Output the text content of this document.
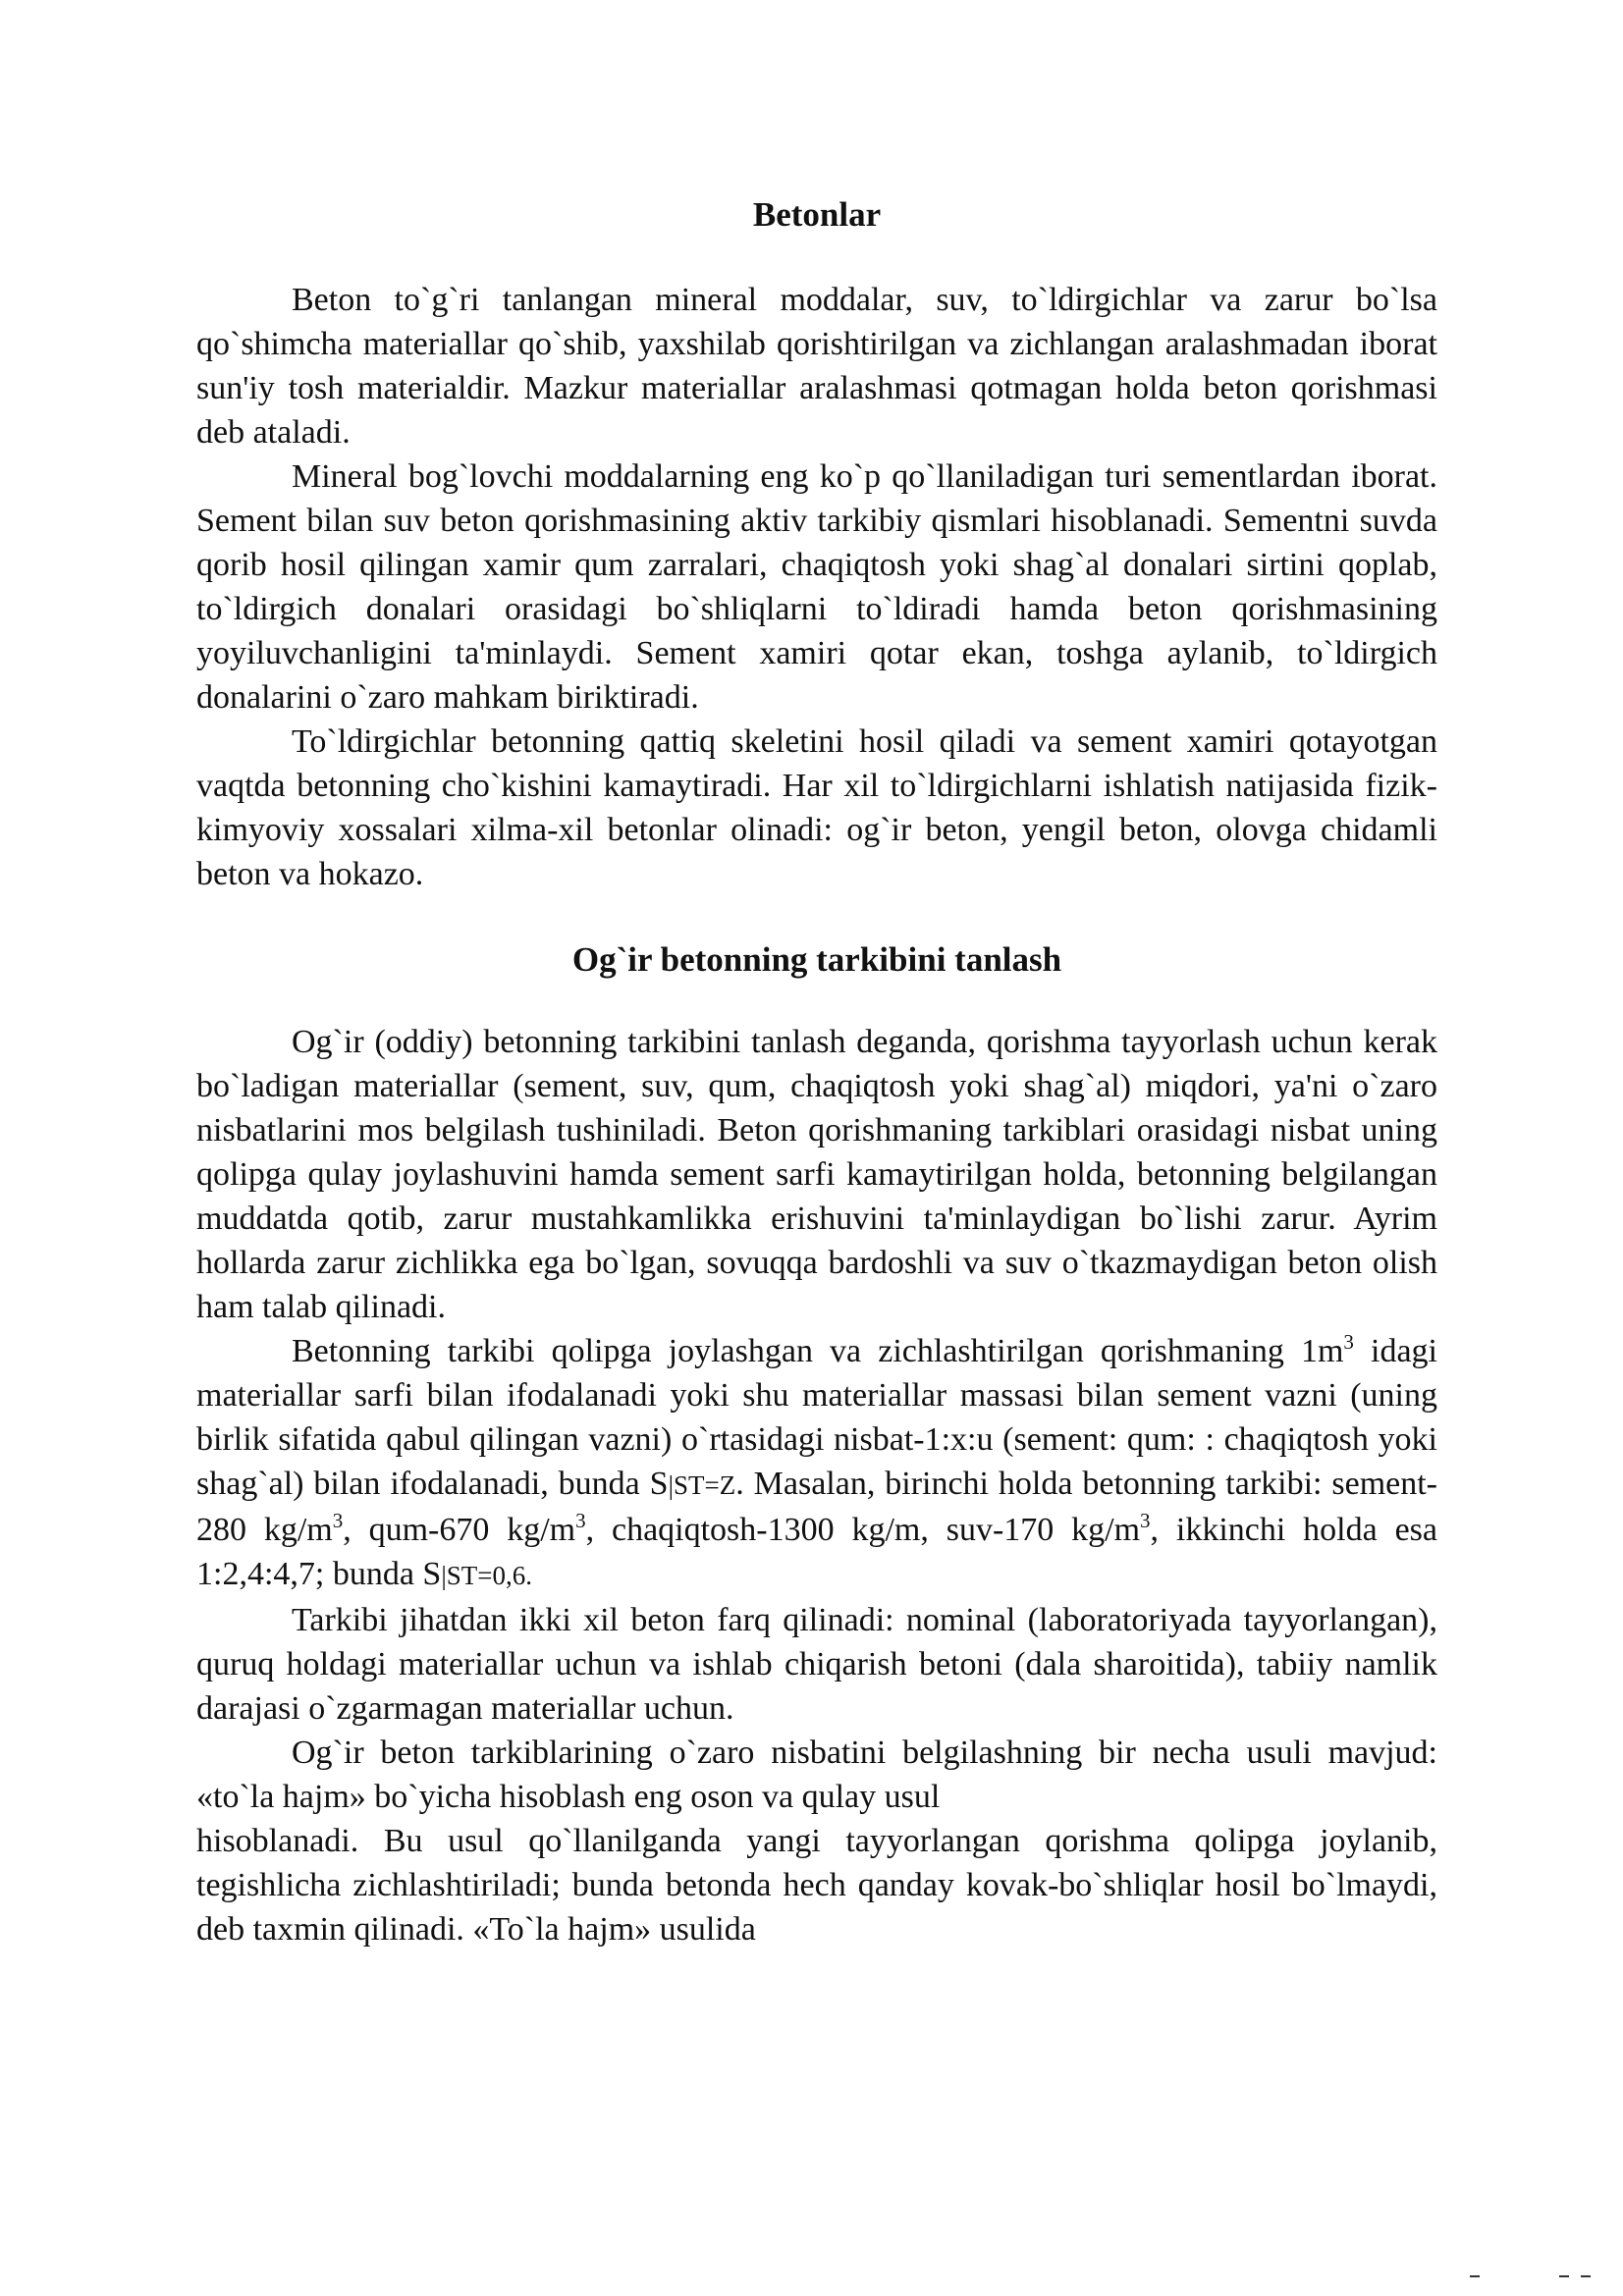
Betonlar

Beton to`g`ri tanlangan mineral moddalar, suv, to`ldirgichlar va zarur bo`lsa qo`shimcha materiallar qo`shib, yaxshilab qorishtirilgan va zichlangan aralashmadan iborat sun'iy tosh materialdir. Mazkur materiallar aralashmasi qotmagan holda beton qorishmasi deb ataladi.

Mineral bog`lovchi moddalarning eng ko`p qo`llaniladigan turi sementlardan iborat. Sement bilan suv beton qorishmasining aktiv tarkibiy qismlari hisoblanadi. Sementni suvda qorib hosil qilingan xamir qum zarralari, chaqiqtosh yoki shag`al donalari sirtini qoplab, to`ldirgich donalari orasidagi bo`shliqlarni to`ldiradi hamda beton qorishmasining yoyiluvchanligini ta'minlaydi. Sement xamiri qotar ekan, toshga aylanib, to`ldirgich donalarini o`zaro mahkam biriktiradi.

To`ldirgichlar betonning qattiq skeletini hosil qiladi va sement xamiri qotayotgan vaqtda betonning cho`kishini kamaytiradi. Har xil to`ldirgichlarni ishlatish natijasida fizik-kimyoviy xossalari xilma-xil betonlar olinadi: og`ir beton, yengil beton, olovga chidamli beton va hokazo.

Og`ir betonning tarkibini tanlash

Og`ir (oddiy) betonning tarkibini tanlash deganda, qorishma tayyorlash uchun kerak bo`ladigan materiallar (sement, suv, qum, chaqiqtosh yoki shag`al) miqdori, ya'ni o`zaro nisbatlarini mos belgilash tushiniladi. Beton qorishmaning tarkiblari orasidagi nisbat uning qolipga qulay joylashuvini hamda sement sarfi kamaytirilgan holda, betonning belgilangan muddatda qotib, zarur mustahkamlikka erishuvini ta'minlaydigan bo`lishi zarur. Ayrim hollarda zarur zichlikka ega bo`lgan, sovuqqa bardoshli va suv o`tkazmaydigan beton olish ham talab qilinadi.

Betonning tarkibi qolipga joylashgan va zichlashtirilgan qorishmaning $1m^3$ idagi materiallar sarfi bilan ifodalanadi yoki shu materiallar massasi bilan sement vazni (uning birlik sifatida qabul qilingan vazni) o`rtasidagi nisbat-1:x:u (sement: qum: : chaqiqtosh yoki shag`al) bilan ifodalanadi, bunda S|ST=Z. Masalan, birinchi holda betonning tarkibi: sement-280 $kg/m^3$, qum-670 $kg/m^3$, chaqiqtosh-1300 kg/m, suv-170 $kg/m^3$, ikkinchi holda esa 1:2,4:4,7; bunda S|ST=0,6.

Tarkibi jihatdan ikki xil beton farq qilinadi: nominal (laboratoriyada tayyorlangan), quruq holdagi materiallar uchun va ishlab chiqarish betoni (dala sharoitida), tabiiy namlik darajasi o`zgarmagan materiallar uchun.

Og`ir beton tarkiblarining o`zaro nisbatini belgilashning bir necha usuli mavjud: «to`la hajm» bo`yicha hisoblash eng oson va qulay usul

hisoblanadi. Bu usul qo`llanilganda yangi tayyorlangan qorishma qolipga joylanib, tegishlicha zichlashtiriladi; bunda betonda hech qanday kovak-bo`shliqlar hosil bo`lmaydi, deb taxmin qilinadi. «To`la hajm» usulida
